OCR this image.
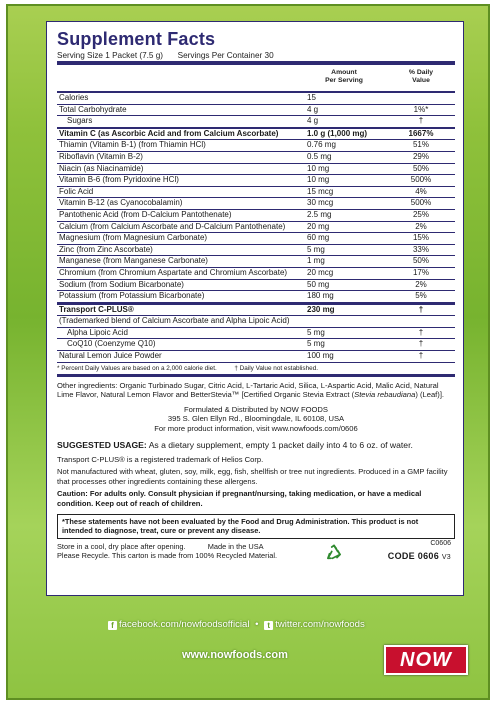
Supplement Facts
Serving Size 1 Packet (7.5 g) Servings Per Container 30
Amount
Per Serving
% Daily
Value
Calories	15	
Total Carbohydrate	4 g	1%*
Sugars	4 g	†
Vitamin C (as Ascorbic Acid and from Calcium Ascorbate)	1.0 g (1,000 mg)	1667%
Thiamin (Vitamin B-1) (from Thiamin HCl)	0.76 mg	51%
Riboflavin (Vitamin B-2)	0.5 mg	29%
Niacin (as Niacinamide)	10 mg	50%
Vitamin B-6 (from Pyridoxine HCl)	10 mg	500%
Folic Acid	15 mcg	4%
Vitamin B-12 (as Cyanocobalamin)	30 mcg	500%
Pantothenic Acid (from D-Calcium Pantothenate)	2.5 mg	25%
Calcium (from Calcium Ascorbate and D-Calcium Pantothenate)	20 mg	2%
Magnesium (from Magnesium Carbonate)	60 mg	15%
Zinc (from Zinc Ascorbate)	5 mg	33%
Manganese (from Manganese Carbonate)	1 mg	50%
Chromium (from Chromium Aspartate and Chromium Ascorbate)	20 mcg	17%
Sodium (from Sodium Bicarbonate)	50 mg	2%
Potassium (from Potassium Bicarbonate)	180 mg	5%
Transport C-PLUS®	230 mg	†
(Trademarked blend of Calcium Ascorbate and Alpha Lipoic Acid)		
Alpha Lipoic Acid	5 mg	†
CoQ10 (Coenzyme Q10)	5 mg	†
Natural Lemon Juice Powder	100 mg	†
* Percent Daily Values are based on a 2,000 calorie diet.	† Daily Value not established.
Other ingredients: Organic Turbinado Sugar, Citric Acid, L-Tartaric Acid, Silica, L-Aspartic Acid, Malic Acid, Natural Lime Flavor, Natural Lemon Flavor and BetterStevia™ [Certified Organic Stevia Extract (Stevia rebaudiana) (Leaf)].
Formulated & Distributed by NOW FOODS
395 S. Glen Ellyn Rd., Bloomingdale, IL 60108, USA
For more product information, visit www.nowfoods.com/0606
SUGGESTED USAGE: As a dietary supplement, empty 1 packet daily into 4 to 6 oz. of water.
Transport C-PLUS® is a registered trademark of Helios Corp.
Not manufactured with wheat, gluten, soy, milk, egg, fish, shellfish or tree nut ingredients. Produced in a GMP facility that processes other ingredients containing these allergens.
Caution: For adults only. Consult physician if pregnant/nursing, taking medication, or have a medical condition. Keep out of reach of children.
*These statements have not been evaluated by the Food and Drug Administration. This product is not intended to diagnose, treat, cure or prevent any disease.
Store in a cool, dry place after opening.	Made in the USA
Please Recycle. This carton is made from 100% Recycled Material.
C0606
CODE 0606 V3
f facebook.com/nowfoodsofficial • t twitter.com/nowfoods
www.nowfoods.com	NOW
